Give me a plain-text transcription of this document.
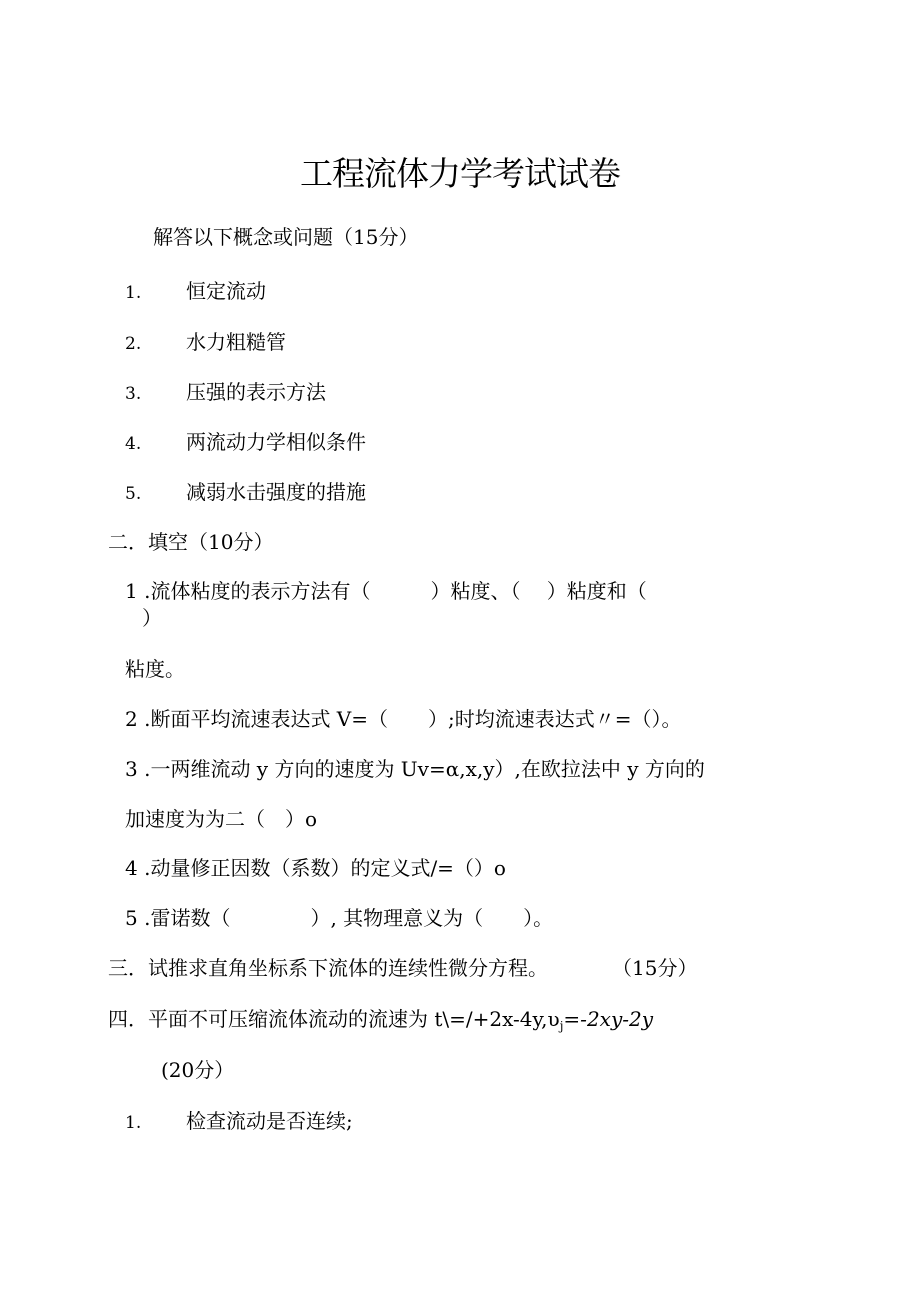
工程流体力学考试试卷
解答以下概念或问题（15分）
1. 恒定流动
2. 水力粗糙管
3. 压强的表示方法
4. 两流动力学相似条件
5. 减弱水击强度的措施
二．填空（10分）
1 .流体粘度的表示方法有（　　　）粘度、（　 ）粘度和（
）
粘度。
2 .断面平均流速表达式 V=（　　）;时均流速表达式〃=（）。
3 .一两维流动 y 方向的速度为 Uv=α,x,y）,在欧拉法中 y 方向的
加速度为为二（　）o
4 .动量修正因数（系数）的定义式/=（）o
5 .雷诺数（　　　　）, 其物理意义为（　　）。
三．试推求直角坐标系下流体的连续性微分方程。	（15分）
四．平面不可压缩流体流动的流速为 $t\backslash=/+2x-4y,\upsilon_j=-2xy-2y$
(20分）
1. 检查流动是否连续;
